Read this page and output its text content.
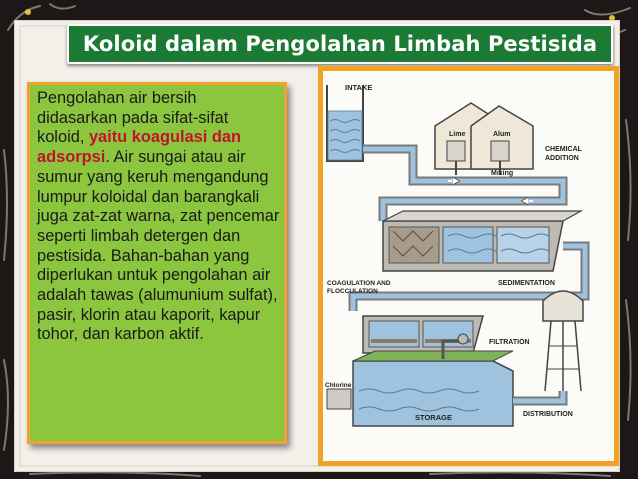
Koloid dalam Pengolahan Limbah Pestisida
Pengolahan air bersih didasarkan pada sifat-sifat koloid, yaitu koagulasi dan adsorpsi. Air sungai atau air sumur yang keruh mengandung lumpur koloidal dan barangkali juga zat-zat warna, zat pencemar seperti limbah detergen dan pestisida. Bahan-bahan yang diperlukan untuk pengolahan air adalah tawas (alumunium sulfat), pasir, klorin atau kaporit, kapur tohor, dan karbon aktif.
INTAKE
Lime	Alum
CHEMICAL
ADDITION
Mixing
COAGULATION AND
FLOCCULATION
SEDIMENTATION
FILTRATION
Chlorine
STORAGE	DISTRIBUTION
